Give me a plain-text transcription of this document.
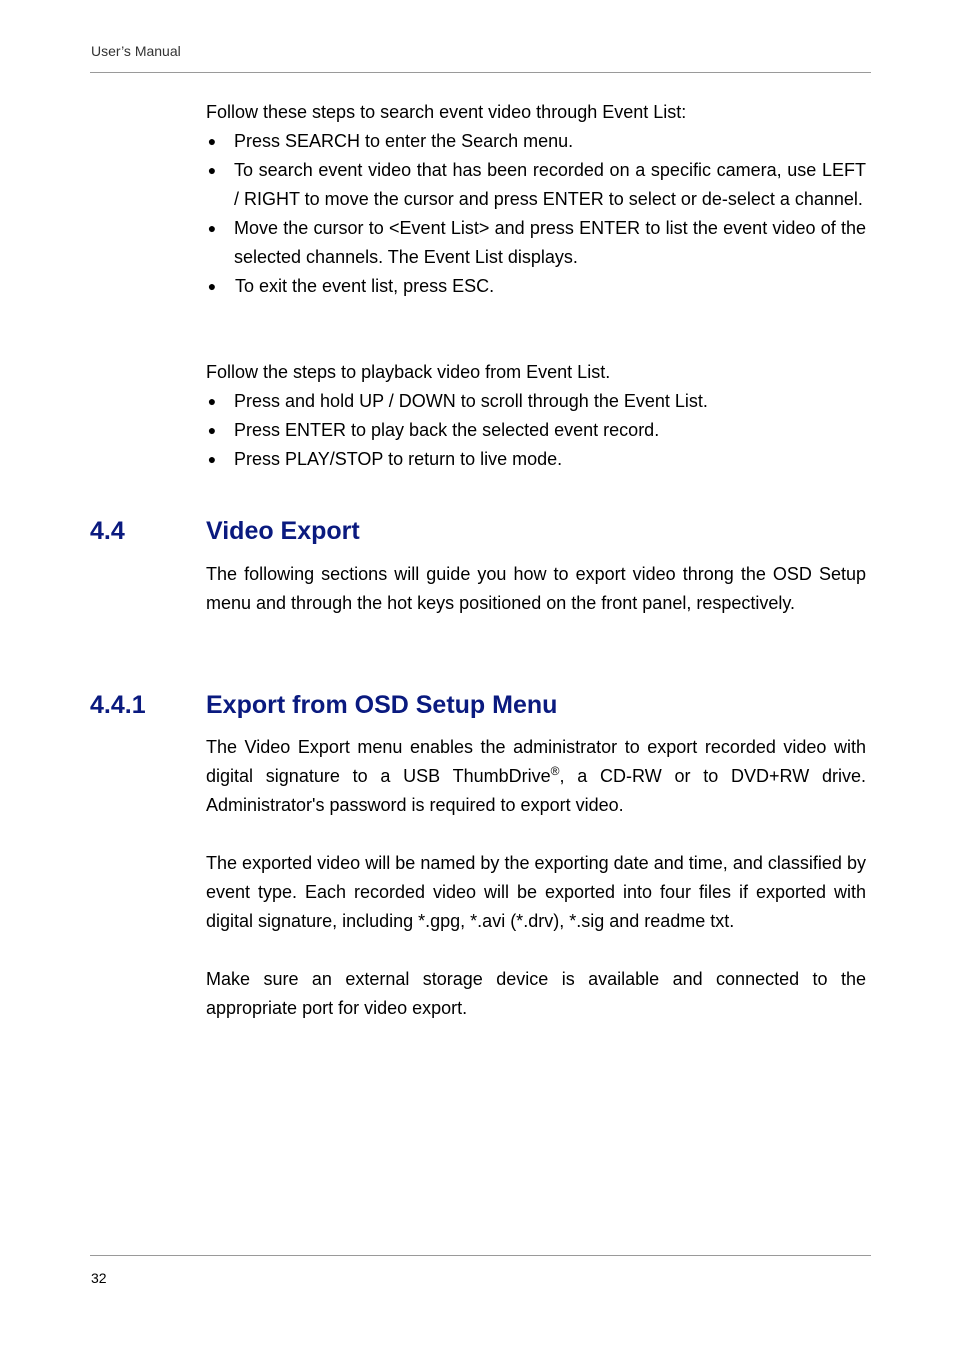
User’s Manual

Follow these steps to search event video through Event List:

● Press SEARCH to enter the Search menu.
● To search event video that has been recorded on a specific camera, use LEFT / RIGHT to move the cursor and press ENTER to select or de-select a channel.
● Move the cursor to <Event List> and press ENTER to list the event video of the selected channels. The Event List displays.
● To exit the event list, press ESC.

Follow the steps to playback video from Event List.

● Press and hold UP / DOWN to scroll through the Event List.
● Press ENTER to play back the selected event record.
● Press PLAY/STOP to return to live mode.
4.4	Video Export

The following sections will guide you how to export video throng the OSD Setup menu and through the hot keys positioned on the front panel, respectively.

4.4.1 Export from OSD Setup Menu

The Video Export menu enables the administrator to export recorded video with digital signature to a USB ThumbDrive®, a CD-RW or to DVD+RW drive. Administrator's password is required to export video.

The exported video will be named by the exporting date and time, and classified by event type. Each recorded video will be exported into four files if exported with digital signature, including *.gpg, *.avi (*.drv), *.sig and readme txt.

Make sure an external storage device is available and connected to the appropriate port for video export.

32
